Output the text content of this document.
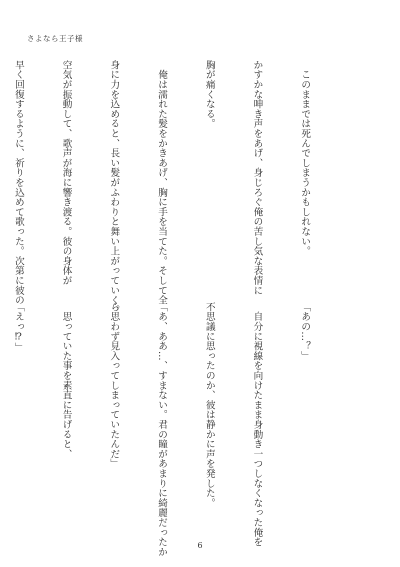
さよなら王子様

　このままでは死んでしまうかもしれない。

かすかな呻き声をあげ、身じろぐ俺の苦し気な表情に

胸が痛くなる。

　俺は濡れた髪をかきあげ、胸に手を当てた。そして全

身に力を込めると、長い髪がふわりと舞い上がっていく。

空気が振動して、歌声が海に響き渡る。彼の身体が

早く回復するように、祈りを込めて歌った。次第に彼の

「あの…？」

　自分に視線を向けたまま身動き一つしなくなった俺を

不思議に思ったのか、彼は静かに声を発した。

「あ、ああ…、すまない。君の瞳があまりに綺麗だったか

ら思わず見入ってしまっていたんだ」

　思っていた事を素直に告げると、

「えっ⁉」

6
